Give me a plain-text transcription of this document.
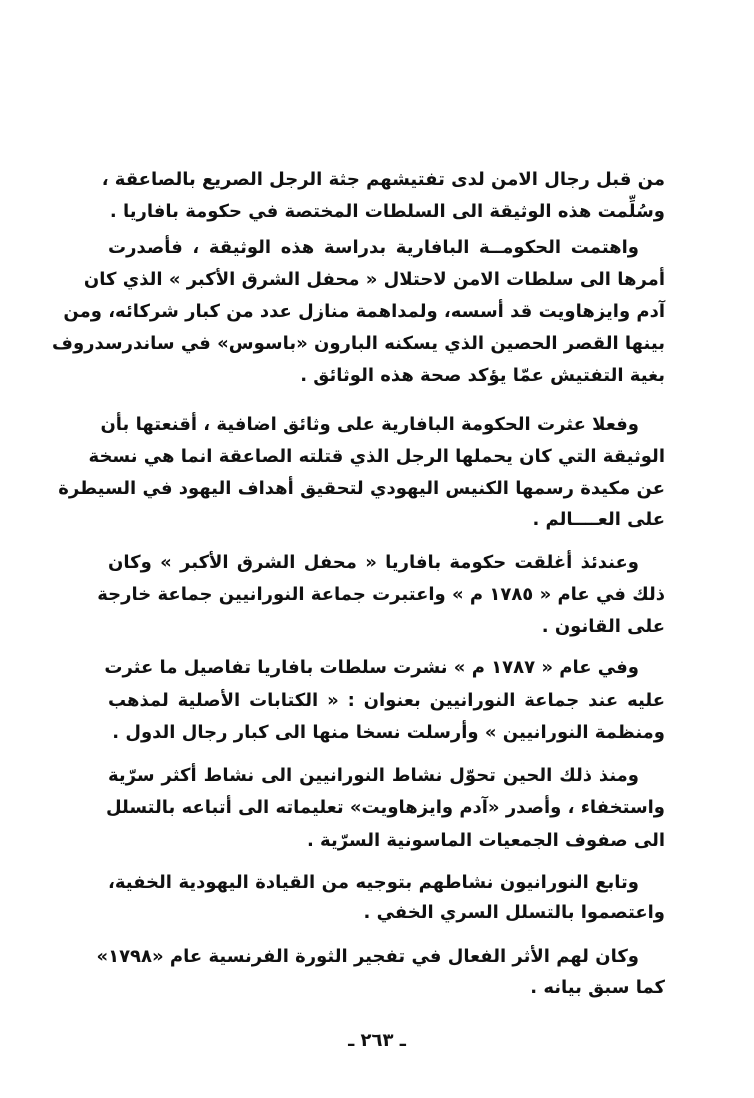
من قبل رجال الامن لدى تفتيشهم جثة الرجل الصريع بالصاعقة ،
وسُلِّمت هذه الوثيقة الى السلطات المختصة في حكومة بافاريا .
واهتمت الحكومــة البافارية بدراسة هذه الوثيقة ، فأصدرت
أمرها الى سلطات الامن لاحتلال « محفل الشرق الأكبر » الذي كان
آدم وايزهاويت قد أسسه، ولمداهمة منازل عدد من كبار شركائه، ومن
بينها القصر الحصين الذي يسكنه البارون «باسوس» في ساندرسدروف
بغية التفتيش عمّا يؤكد صحة هذه الوثائق .
وفعلا عثرت الحكومة البافارية على وثائق اضافية ، أقنعتها بأن
الوثيقة التي كان يحملها الرجل الذي قتلته الصاعقة انما هي نسخة
عن مكيدة رسمها الكنيس اليهودي لتحقيق أهداف اليهود في السيطرة
على العــــالم .
وعندئذ أغلقت حكومة بافاريا « محفل الشرق الأكبر » وكان
ذلك في عام « ١٧٨٥ م » واعتبرت جماعة النورانيين جماعة خارجة
على القانون .
وفي عام « ١٧٨٧ م » نشرت سلطات بافاريا تفاصيل ما عثرت
عليه عند جماعة النورانيين بعنوان : « الكتابات الأصلية لمذهب
ومنظمة النورانيين » وأرسلت نسخا منها الى كبار رجال الدول .
ومنذ ذلك الحين تحوّل نشاط النورانيين الى نشاط أكثر سرّية
واستخفاء ، وأصدر «آدم وايزهاويت» تعليماته الى أتباعه بالتسلل
الى صفوف الجمعيات الماسونية السرّية .
وتابع النورانيون نشاطهم بتوجيه من القيادة اليهودية الخفية،
واعتصموا بالتسلل السري الخفي .
وكان لهم الأثر الفعال في تفجير الثورة الفرنسية عام «١٧٩٨»
كما سبق بيانه .
ـ ٢٦٣ ـ
